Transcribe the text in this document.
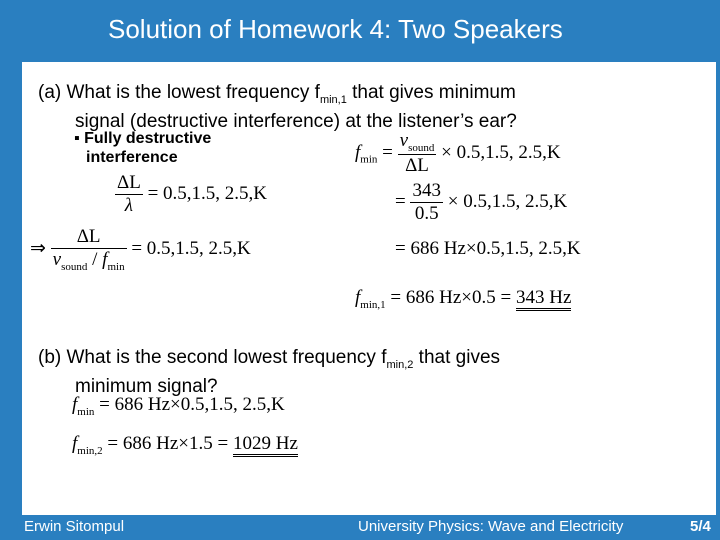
Solution of Homework 4: Two Speakers
(a) What is the lowest frequency $f_{min,1}$ that gives minimum
signal (destructive interference) at the listener’s ear?
▪ Fully destructive
interference
$\frac{\Delta L}{\lambda} = 0.5,1.5$, 2.5,K
⇒ $\frac{\Delta L}{v_{sound} / f_{min}} = 0.5,1.5$, 2.5,K
$f_{min} = \frac{v_{sound}}{\Delta L} \times 0.5,1.5$, 2.5,K
= $\frac{343}{0.5} \times 0.5,1.5$, 2.5,K
= 686 Hz×0.5,1.5, 2.5,K
$f_{min,1} = 686$ Hz×0.5 = 343 Hz
(b) What is the second lowest frequency $f_{min,2}$ that gives
minimum signal?
$f_{min} = 686$ Hz×0.5,1.5, 2.5,K
$f_{min,2} = 686$ Hz×1.5 = 1029 Hz
Erwin Sitompul	University Physics: Wave and Electricity	5/4
